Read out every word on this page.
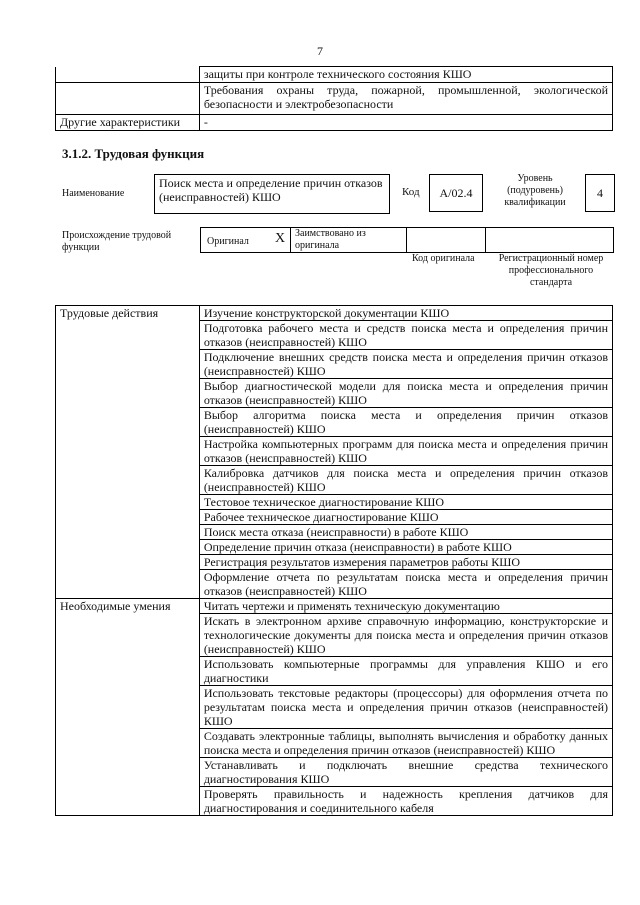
7
	защиты при контроле технического состояния КШО
	Требования охраны труда, пожарной, промышленной, экологической безопасности и электробезопасности
Другие характеристики	-
3.1.2. Трудовая функция
Наименование
Поиск места и определение причин отказов (неисправностей) КШО	Код	А/02.4
Уровень (подуровень) квалификации
4
Происхождение трудовой функции
Оригинал X Заимствовано из оригинала
Код оригинала	Регистрационный номер профессионального стандарта
Трудовые действия	Изучение конструкторской документации КШО
	Подготовка рабочего места и средств поиска места и определения причин отказов (неисправностей) КШО
	Подключение внешних средств поиска места и определения причин отказов (неисправностей) КШО
	Выбор диагностической модели для поиска места и определения причин отказов (неисправностей) КШО
	Выбор алгоритма поиска места и определения причин отказов (неисправностей) КШО
	Настройка компьютерных программ для поиска места и определения причин отказов (неисправностей) КШО
	Калибровка датчиков для поиска места и определения причин отказов (неисправностей) КШО
	Тестовое техническое диагностирование КШО
	Рабочее техническое диагностирование КШО
	Поиск места отказа (неисправности) в работе КШО
	Определение причин отказа (неисправности) в работе КШО
	Регистрация результатов измерения параметров работы КШО
	Оформление отчета по результатам поиска места и определения причин отказов (неисправностей) КШО
Необходимые умения	Читать чертежи и применять техническую документацию
	Искать в электронном архиве справочную информацию, конструкторские и технологические документы для поиска места и определения причин отказов (неисправностей) КШО
	Использовать компьютерные программы для управления КШО и его диагностики
	Использовать текстовые редакторы (процессоры) для оформления отчета по результатам поиска места и определения причин отказов (неисправностей) КШО
	Создавать электронные таблицы, выполнять вычисления и обработку данных поиска места и определения причин отказов (неисправностей) КШО
	Устанавливать и подключать внешние средства технического диагностирования КШО
	Проверять правильность и надежность крепления датчиков для диагностирования и соединительного кабеля
